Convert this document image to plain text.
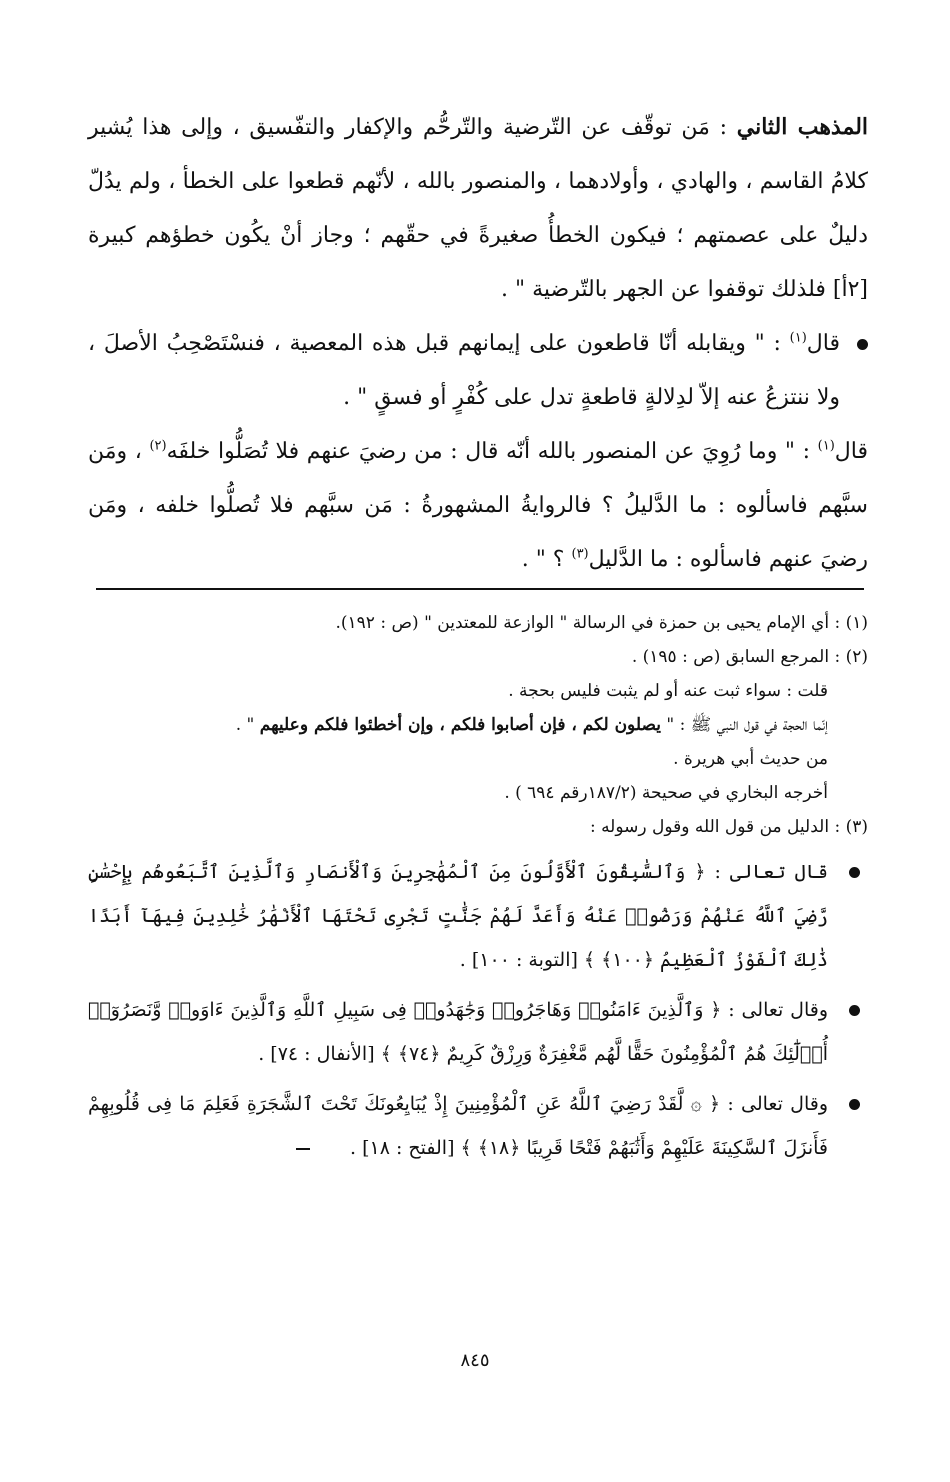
المذهب الثاني : مَن توقّف عن التّرضية والتّرحُّم والإكفار والتفّسيق ، وإلى هذا يُشير كلامُ القاسم ، والهادي ، وأولادهما ، والمنصور بالله ، لأنّهم قطعوا على الخطأ ، ولم يدُلّ دليلٌ على عصمتهم ؛ فيكون الخطأُ صغيرةً في حقّهم ؛ وجاز أنْ يكُون خطؤهم كبيرة [٢أ] فلذلك توقفوا عن الجهر بالتّرضية " .

قال$^{(١)}$ : " ويقابله أنّا قاطعون على إيمانهم قبل هذه المعصية ، فنسْتَصْحِبُ الأصلَ ، ولا ننتزعُ عنه إلاّ لدِلالةٍ قاطعةٍ تدل على كُفْرٍ أو فسقٍ " .

قال$^{(١)}$ : " وما رُوِيَ عن المنصور بالله أنّه قال : من رضيَ عنهم فلا تُصَلُّوا خلفَه$^{(٢)}$ ، ومَن سبَّهم فاسألوه : ما الدَّليلُ ؟ فالروايةُ المشهورةُ : مَن سبَّهم فلا تُصلُّوا خلفه ، ومَن رضيَ عنهم فاسألوه : ما الدَّليل$^{(٣)}$ ؟ " .

(١) : أي الإمام يحيى بن حمزة في الرسالة " الوازعة للمعتدين " (ص : ١٩٢).

(٢) : المرجع السابق (ص : ١٩٥) .

قلت : سواء ثبت عنه أو لم يثبت فليس بحجة .

إنّما الحجة في قول النبي ﷺ : " يصلون لكم ، فإن أصابوا فلكم ، وإن أخطئوا فلكم وعليهم " .

من حديث أبي هريرة .

أخرجه البخاري في صحيحة (١٨٧/٢رقم ٦٩٤ ) .

(٣) : الدليل من قول الله وقول رسوله :

قال تعالى : ﴿ وَٱلسَّٰبِقُونَ ٱلْأَوَّلُونَ مِنَ ٱلْمُهَٰجِرِينَ وَٱلْأَنصَارِ وَٱلَّذِينَ ٱتَّبَعُوهُم بِإِحْسَٰنٍ رَّضِيَ ٱللَّهُ عَنْهُمْ وَرَضُوا۟ عَنْهُ وَأَعَدَّ لَهُمْ جَنَّٰتٍ تَجْرِى تَحْتَهَا ٱلْأَنْهَٰرُ خَٰلِدِينَ فِيهَآ أَبَدًا ذَٰلِكَ ٱلْفَوْزُ ٱلْعَظِيمُ ﴿١٠٠﴾ ﴾ [التوبة : ١٠٠] .

وقال تعالى : ﴿ وَٱلَّذِينَ ءَامَنُوا۟ وَهَاجَرُوا۟ وَجَٰهَدُوا۟ فِى سَبِيلِ ٱللَّهِ وَٱلَّذِينَ ءَاوَوا۟ وَّنَصَرُوٓا۟ أُو۟لَٰٓئِكَ هُمُ ٱلْمُؤْمِنُونَ حَقًّا لَّهُم مَّغْفِرَةٌ وَرِزْقٌ كَرِيمٌ ﴿٧٤﴾ ﴾ [الأنفال : ٧٤] .

وقال تعالى : ﴿ ۞ لَّقَدْ رَضِيَ ٱللَّهُ عَنِ ٱلْمُؤْمِنِينَ إِذْ يُبَايِعُونَكَ تَحْتَ ٱلشَّجَرَةِ فَعَلِمَ مَا فِى قُلُوبِهِمْ فَأَنزَلَ ٱلسَّكِينَةَ عَلَيْهِمْ وَأَثَٰبَهُمْ فَتْحًا قَرِيبًا ﴿١٨﴾ ﴾ [الفتح : ١٨] .

٨٤٥
